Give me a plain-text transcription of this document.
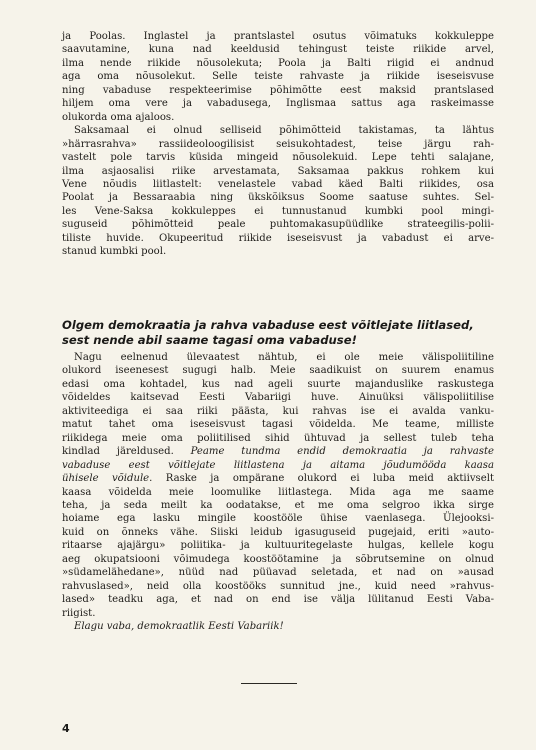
ja Poolas. Inglastel ja prantslastel osutus võimatuks kokkuleppe
saavutamine, kuna nad keeldusid tehingust teiste riikide arvel,
ilma nende riikide nõusolekuta; Poola ja Balti riigid ei andnud
aga oma nõusolekut. Selle teiste rahvaste ja riikide iseseisvuse
ning vabaduse respekteerimise põhimõtte eest maksid prantslased
hiljem oma vere ja vabadusega, Inglismaa sattus aga raskeimasse
olukorda oma ajaloos.

Saksamaal ei olnud selliseid põhimõtteid takistamas, ta lähtus
»härrasrahva» rassiideoloogilisist seisukohtadest, teise järgu rah-
vastelt pole tarvis küsida mingeid nõusolekuid. Lepe tehti salajane,
ilma asjaosalisi riike arvestamata, Saksamaa pakkus rohkem kui
Vene nõudis liitlastelt: venelastele vabad käed Balti riikides, osa
Poolat ja Bessaraabia ning ükskõiksus Soome saatuse suhtes. Sel-
les Vene-Saksa kokkuleppes ei tunnustanud kumbki pool mingi-
suguseid põhimõtteid peale puhtomakasupüüdlike strateegilis-polii-
tiliste huvide. Okupeeritud riikide iseseisvust ja vabadust ei arve-
stanud kumbki pool.

Olgem demokraatia ja rahva vabaduse eest võitlejate liitlased,
sest nende abil saame tagasi oma vabaduse!

Nagu eelnenud ülevaatest nähtub, ei ole meie välispoliitiline
olukord iseenesest sugugi halb. Meie saadikuist on suurem enamus
edasi oma kohtadel, kus nad ageli suurte majanduslike raskustega
võideldes kaitsevad Eesti Vabariigi huve. Ainuüksi välispoliitilise
aktiviteediga ei saa riiki päästa, kui rahvas ise ei avalda vanku-
matut tahet oma iseseisvust tagasi võidelda. Me teame, milliste
riikidega meie oma poliitilised sihid ühtuvad ja sellest tuleb teha
kindlad järeldused. Peame tundma endid demokraatia ja rahvaste
vabaduse eest võitlejate liitlastena ja aitama jõudumööda kaasa
ühisele võidule. Raske ja ompärane olukord ei luba meid aktiivselt
kaasa võidelda meie loomulike liitlastega. Mida aga me saame
teha, ja seda meilt ka oodatakse, et me oma selgroo ikka sirge
hoiame ega lasku mingile koostööle ühise vaenlasega. Ülejooksi-
kuid on õnneks vähe. Siiski leidub igasuguseid pugejaid, eriti »auto-
ritaarse ajajärgu» poliitika- ja kultuuritegelaste hulgas, kellele kogu
aeg okupatsiooni võimudega koostöötamine ja sõbrutsemine on olnud
»südamelähedane», nüüd nad püüavad seletada, et nad on »ausad
rahvuslased», neid olla koostööks sunnitud jne., kuid need »rahvus-
lased» teadku aga, et nad on end ise välja lülitanud Eesti Vaba-
riigist.
Elagu vaba, demokraatlik Eesti Vabariik!

4
